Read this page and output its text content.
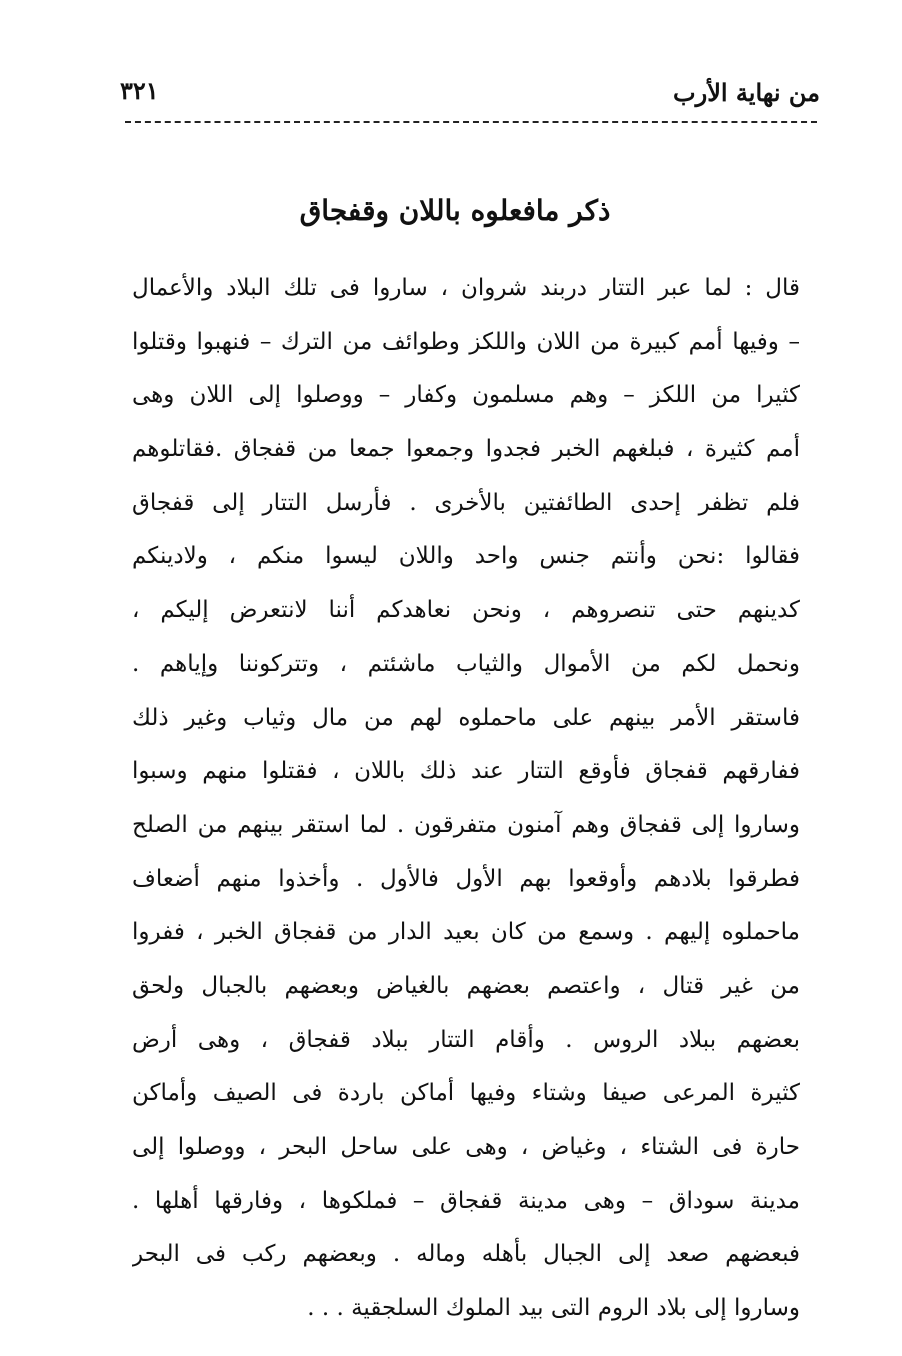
٣٢١	من نهاية الأرب
ذكر مافعلوه باللان وقفجاق
قال : لما عبر التتار دربند شروان ، ساروا فى تلك البلاد والأعمال
– وفيها أمم كبيرة من اللان واللكز وطوائف من الترك – فنهبوا وقتلوا
كثيرا من اللكز – وهم مسلمون وكفار – ووصلوا إلى اللان وهى
أمم كثيرة ، فبلغهم الخبر فجدوا وجمعوا جمعا من قفجاق .فقاتلوهم
فلم تظفر إحدى الطائفتين بالأخرى . فأرسل التتار إلى قفجاق
فقالوا :نحن وأنتم جنس واحد واللان ليسوا منكم ، ولادينكم
كدينهم حتى تنصروهم ، ونحن نعاهدكم أننا لانتعرض إليكم ،
ونحمل لكم من الأموال والثياب ماشئتم ، وتتركوننا وإياهم .
فاستقر الأمر بينهم على ماحملوه لهم من مال وثياب وغير ذلك
ففارقهم قفجاق فأوقع التتار عند ذلك باللان ، فقتلوا منهم وسبوا
وساروا إلى قفجاق وهم آمنون متفرقون . لما استقر بينهم من الصلح
فطرقوا بلادهم وأوقعوا بهم الأول فالأول . وأخذوا منهم أضعاف
ماحملوه إليهم . وسمع من كان بعيد الدار من قفجاق الخبر ، ففروا
من غير قتال ، واعتصم بعضهم بالغياض وبعضهم بالجبال ولحق
بعضهم ببلاد الروس . وأقام التتار ببلاد قفجاق ، وهى أرض
كثيرة المرعى صيفا وشتاء وفيها أماكن باردة فى الصيف وأماكن
حارة فى الشتاء ، وغياض ، وهى على ساحل البحر ، ووصلوا إلى
مدينة سوداق – وهى مدينة قفجاق – فملكوها ، وفارقها أهلها .
فبعضهم صعد إلى الجبال بأهله وماله . وبعضهم ركب فى البحر
وساروا إلى بلاد الروم التى بيد الملوك السلجقية . . .
